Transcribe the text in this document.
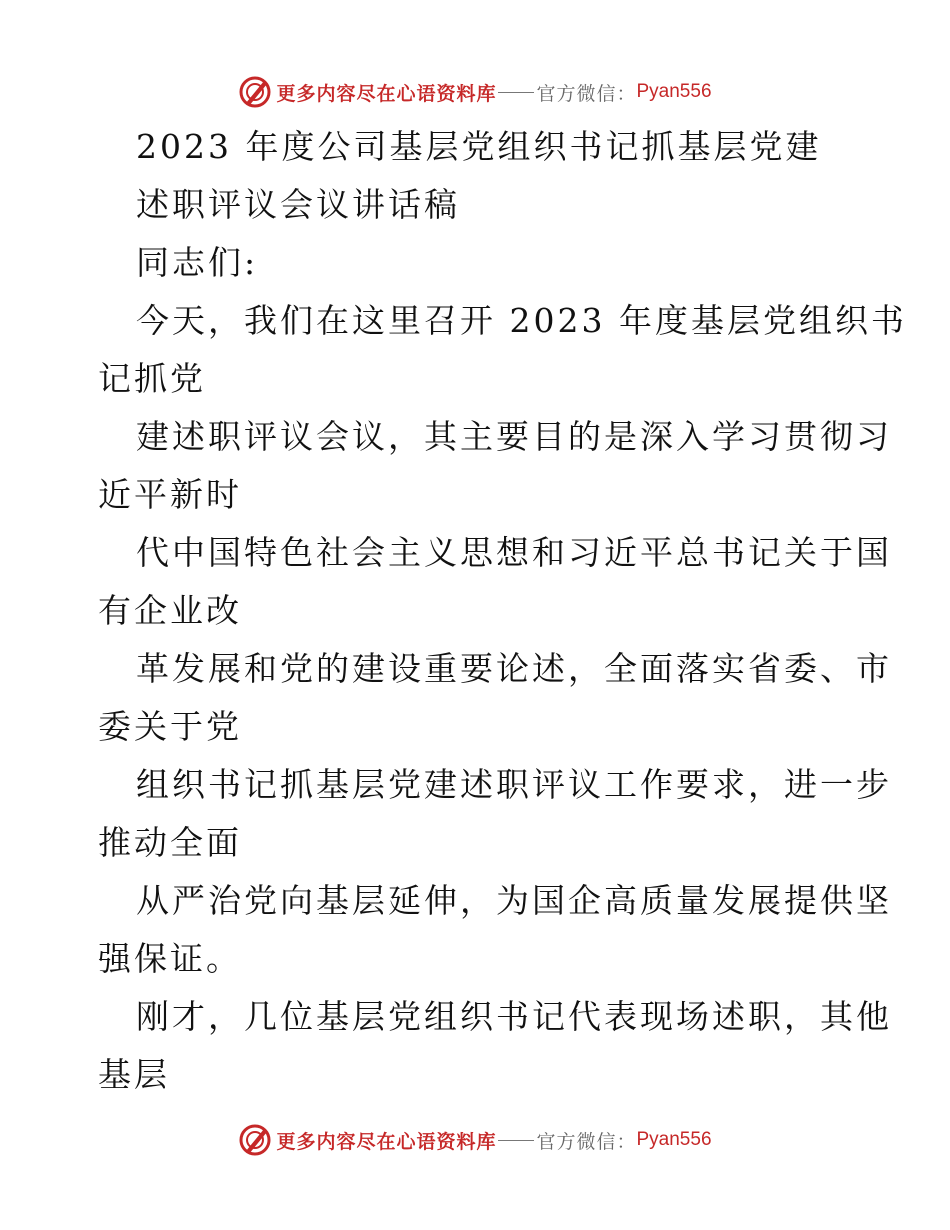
更多内容尽在心语资料库 官方微信： Pyan556
2023 年度公司基层党组织书记抓基层党建
述职评议会议讲话稿
同志们:
今天，我们在这里召开 2023 年度基层党组织书
记抓党
建述职评议会议，其主要目的是深入学习贯彻习
近平新时
代中国特色社会主义思想和习近平总书记关于国
有企业改
革发展和党的建设重要论述，全面落实省委、市
委关于党
组织书记抓基层党建述职评议工作要求，进一步
推动全面
从严治党向基层延伸，为国企高质量发展提供坚
强保证。
刚才，几位基层党组织书记代表现场述职，其他
基层
更多内容尽在心语资料库 官方微信： Pyan556
